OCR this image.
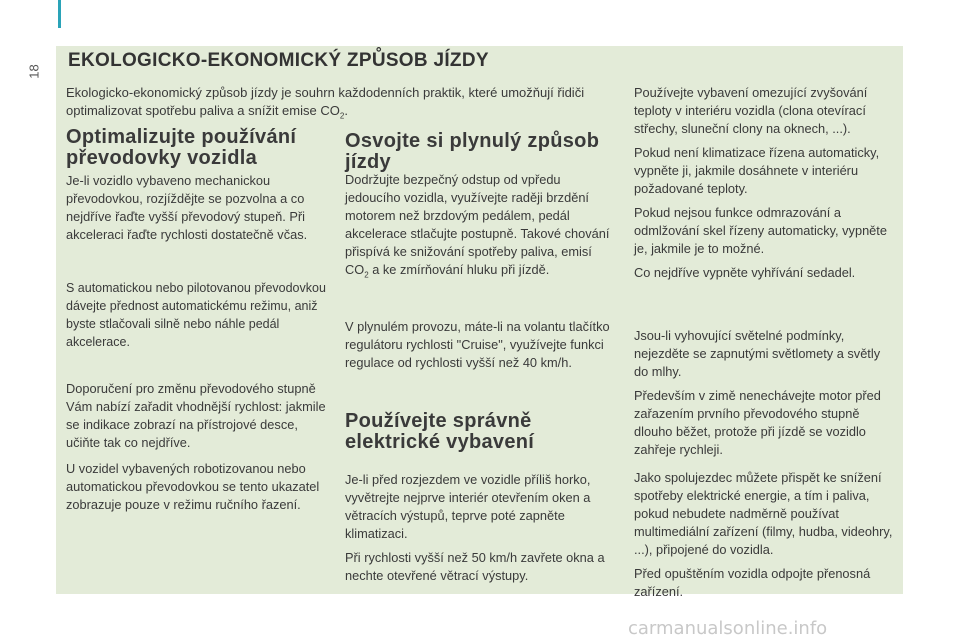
18
EKOLOGICKO-EKONOMICKÝ ZPŮSOB JÍZDY

Ekologicko-ekonomický způsob jízdy je souhrn každodenních praktik, které umožňují řidiči optimalizovat spotřebu paliva a snížit emise $CO_2$.

Optimalizujte používání
převodovky vozidla

Je-li vozidlo vybaveno mechanickou převodovkou, rozjíždějte se pozvolna a co nejdříve řaďte vyšší převodový stupeň. Při akceleraci řaďte rychlosti dostatečně včas.

S automatickou nebo pilotovanou převodovkou dávejte přednost automatickému režimu, aniž byste stlačovali silně nebo náhle pedál akcelerace.

Doporučení pro změnu převodového stupně Vám nabízí zařadit vhodnější rychlost: jakmile se indikace zobrazí na přístrojové desce, učiňte tak co nejdříve.

U vozidel vybavených robotizovanou nebo automatickou převodovkou se tento ukazatel zobrazuje pouze v režimu ručního řazení.

Osvojte si plynulý způsob
jízdy

Dodržujte bezpečný odstup od vpředu jedoucího vozidla, využívejte raději brzdění motorem než brzdovým pedálem, pedál akcelerace stlačujte postupně. Takové chování přispívá ke snižování spotřeby paliva, emisí $CO_2$ a ke zmírňování hluku při jízdě.

V plynulém provozu, máte-li na volantu tlačítko regulátoru rychlosti "Cruise", využívejte funkci regulace od rychlosti vyšší než 40 km/h.

Používejte správně
elektrické vybavení

Je-li před rozjezdem ve vozidle příliš horko, vyvětrejte nejprve interiér otevřením oken a větracích výstupů, teprve poté zapněte klimatizaci.

Při rychlosti vyšší než 50 km/h zavřete okna a nechte otevřené větrací výstupy.

Používejte vybavení omezující zvyšování teploty v interiéru vozidla (clona otevírací střechy, sluneční clony na oknech, ...).

Pokud není klimatizace řízena automaticky, vypněte ji, jakmile dosáhnete v interiéru požadované teploty.

Pokud nejsou funkce odmrazování a odmlžování skel řízeny automaticky, vypněte je, jakmile je to možné.

Co nejdříve vypněte vyhřívání sedadel.

Jsou-li vyhovující světelné podmínky, nejezděte se zapnutými světlomety a světly do mlhy.

Především v zimě nenechávejte motor před zařazením prvního převodového stupně dlouho běžet, protože při jízdě se vozidlo zahřeje rychleji.

Jako spolujezdec můžete přispět ke snížení spotřeby elektrické energie, a tím i paliva, pokud nebudete nadměrně používat multimediální zařízení (filmy, hudba, videohry, ...), připojené do vozidla.

Před opuštěním vozidla odpojte přenosná zařízení.

carmanualsonline.info
